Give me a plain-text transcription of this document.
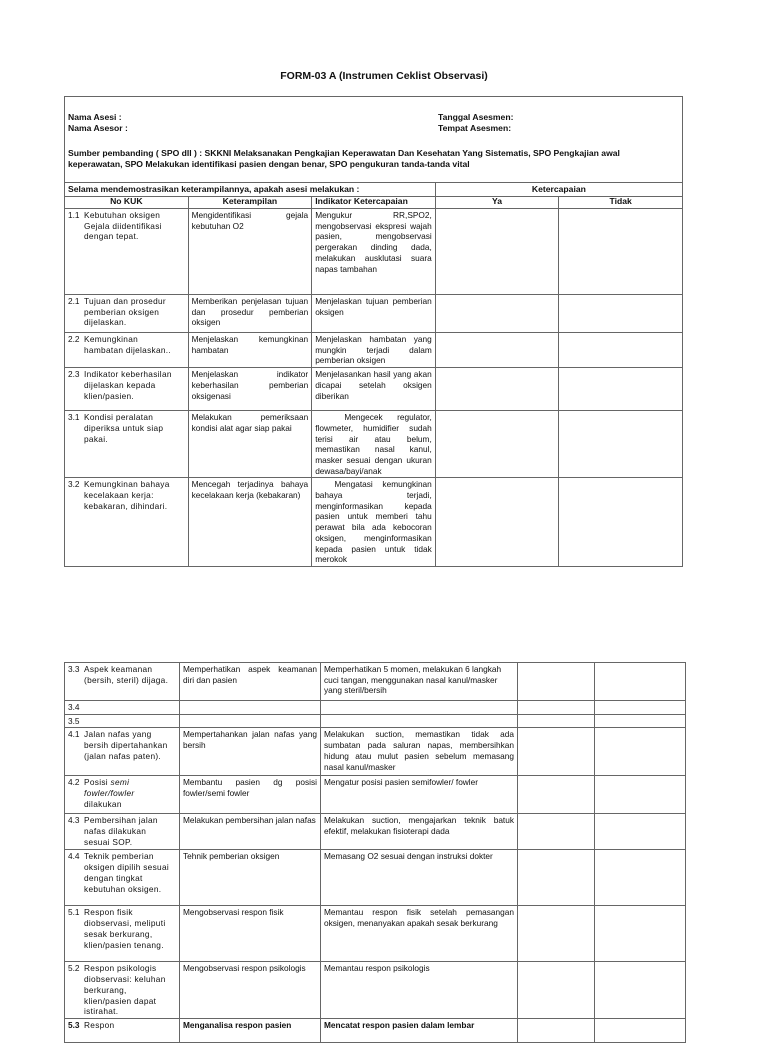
FORM-03 A (Instrumen Ceklist Observasi)
Nama Asesi :
Nama Asesor :
Tanggal Asesmen:
Tempat Asesmen:
Sumber pembanding ( SPO dll ) : SKKNI Melaksanakan Pengkajian Keperawatan Dan Kesehatan Yang Sistematis, SPO Pengkajian awal
keperawatan, SPO Melakukan identifikasi pasien dengan benar, SPO pengukuran tanda-tanda vital
Selama mendemostrasikan keterampilannya, apakah asesi melakukan :			Ketercapaian	
No KUK	Keterampilan	Indikator Ketercapaian	Ya	Tidak
1.1 Kebutuhan oksigen Gejala diidentifikasi dengan tepat.	Mengidentifikasi gejala kebutuhan O2	Mengukur RR,SPO2, mengobservasi ekspresi wajah pasien, mengobservasi pergerakan dinding dada, melakukan ausklutasi suara napas tambahan		
2.1 Tujuan dan prosedur pemberian oksigen dijelaskan.	Memberikan penjelasan tujuan dan prosedur pemberian oksigen	Menjelaskan tujuan pemberian oksigen		
2.2 Kemungkinan hambatan dijelaskan..	Menjelaskan kemungkinan hambatan	Menjelaskan hambatan yang mungkin terjadi dalam pemberian oksigen		
2.3 Indikator keberhasilan dijelaskan kepada klien/pasien.	Menjelaskan indikator keberhasilan pemberian oksigenasi	Menjelasankan hasil yang akan dicapai setelah oksigen diberikan		
3.1 Kondisi peralatan diperiksa untuk siap pakai.	Melakukan pemeriksaan kondisi alat agar siap pakai	Mengecek regulator, flowmeter, humidifier sudah terisi air atau belum, memastikan nasal kanul, masker sesuai dengan ukuran dewasa/bayi/anak		
3.2 Kemungkinan bahaya kecelakaan kerja: kebakaran, dihindari.	Mencegah terjadinya bahaya kecelakaan kerja (kebakaran)	Mengatasi kemungkinan bahaya terjadi, menginformasikan kepada pasien untuk memberi tahu perawat bila ada kebocoran oksigen, menginformasikan kepada pasien untuk tidak merokok		
3.3 Aspek keamanan (bersih, steril) dijaga.	Memperhatikan aspek keamanan diri dan pasien	Memperhatikan 5 momen, melakukan 6 langkah cuci tangan, menggunakan nasal kanul/masker yang steril/bersih		
3.4				
3.5				
4.1 Jalan nafas yang bersih dipertahankan (jalan nafas paten).	Mempertahankan jalan nafas yang bersih	Melakukan suction, memastikan tidak ada sumbatan pada saluran napas, membersihkan hidung atau mulut pasien sebelum memasang nasal kanul/masker		
4.2 Posisi semi fowler/fowler dilakukan	Membantu pasien dg posisi fowler/semi fowler	Mengatur posisi pasien semifowler/ fowler		
4.3 Pembersihan jalan nafas dilakukan sesuai SOP.	Melakukan pembersihan jalan nafas	Melakukan suction, mengajarkan teknik batuk efektif, melakukan fisioterapi dada		
4.4 Teknik pemberian oksigen dipilih sesuai dengan tingkat kebutuhan oksigen.	Tehnik pemberian oksigen	Memasang O2 sesuai dengan instruksi dokter		
5.1 Respon fisik diobservasi, meliputi sesak berkurang, klien/pasien tenang.	Mengobservasi respon fisik	Memantau respon fisik setelah pemasangan oksigen, menanyakan apakah sesak berkurang		
5.2 Respon psikologis diobservasi: keluhan berkurang, klien/pasien dapat istirahat.	Mengobservasi respon psikologis	Memantau respon psikologis		
5.3 Respon	Menganalisa respon pasien	Mencatat respon pasien dalam lembar		
